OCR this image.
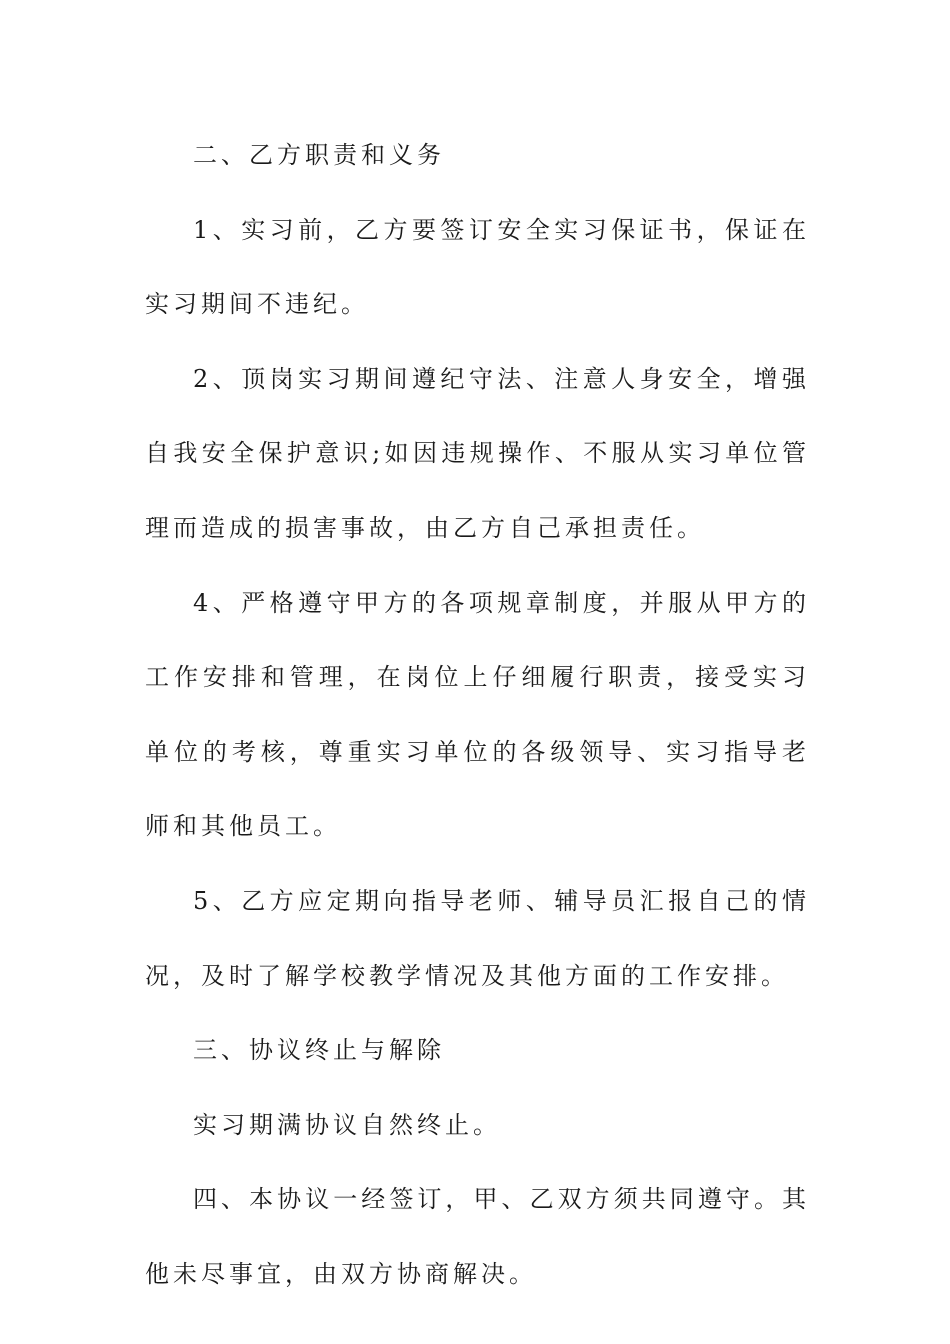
二、乙方职责和义务

1、实习前，乙方要签订安全实习保证书，保证在实习期间不违纪。

2、顶岗实习期间遵纪守法、注意人身安全，增强自我安全保护意识;如因违规操作、不服从实习单位管理而造成的损害事故，由乙方自己承担责任。

4、严格遵守甲方的各项规章制度，并服从甲方的工作安排和管理，在岗位上仔细履行职责，接受实习单位的考核，尊重实习单位的各级领导、实习指导老师和其他员工。

5、乙方应定期向指导老师、辅导员汇报自己的情况，及时了解学校教学情况及其他方面的工作安排。

三、协议终止与解除

实习期满协议自然终止。

四、本协议一经签订，甲、乙双方须共同遵守。其他未尽事宜，由双方协商解决。
